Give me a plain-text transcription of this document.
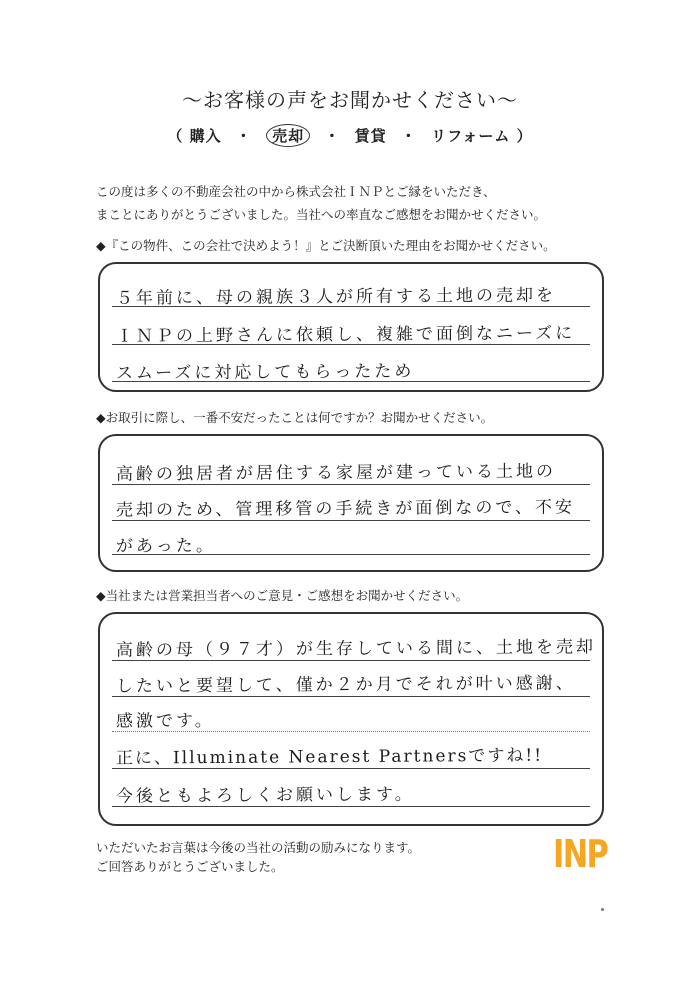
～お客様の声をお聞かせください～
（ 購入 ・ 売却 ・ 賃貸 ・ リフォーム ）
この度は多くの不動産会社の中から株式会社ＩＮＰとご縁をいただき、
まことにありがとうございました。当社への率直なご感想をお聞かせください。
◆『この物件、この会社で決めよう！』とご決断頂いた理由をお聞かせください。
５年前に、母の親族３人が所有する土地の売却を
ＩＮＰの上野さんに依頼し、複雑で面倒なニーズに
スムーズに対応してもらったため
◆お取引に際し、一番不安だったことは何ですか？お聞かせください。
高齢の独居者が居住する家屋が建っている土地の
売却のため、管理移管の手続きが面倒なので、不安
があった。
◆当社または営業担当者へのご意見・ご感想をお聞かせください。
高齢の母（９７才）が生存している間に、土地を売却
したいと要望して、僅か２か月でそれが叶い感謝、
感激です。
正に、Illuminate Nearest Partnersですね!!
今後ともよろしくお願いします。
いただいたお言葉は今後の当社の活動の励みになります。
ご回答ありがとうございました。	INP
